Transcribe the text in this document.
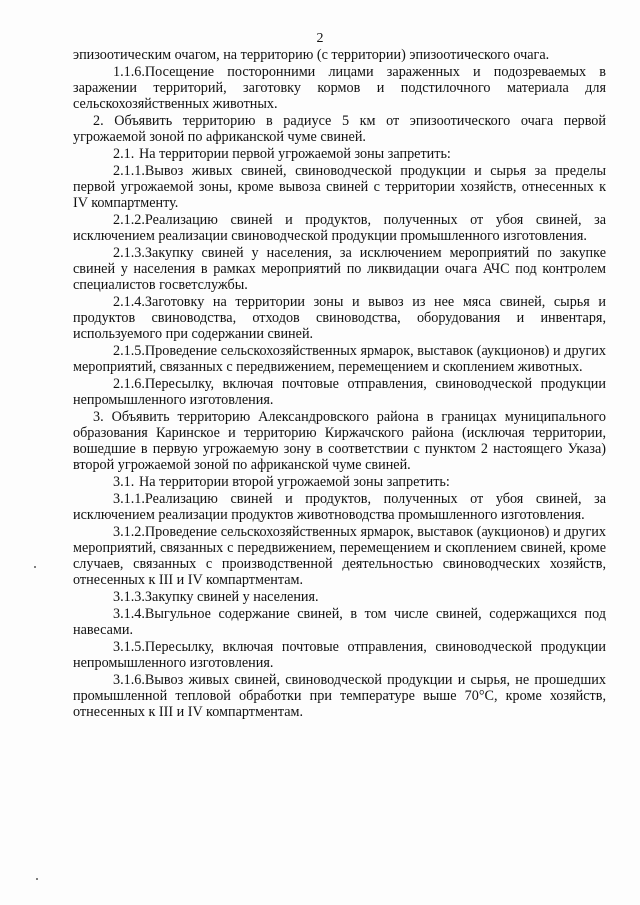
2

эпизоотическим очагом, на территорию (с территории) эпизоотического очага.

1.1.6.Посещение посторонними лицами зараженных и подозреваемых в заражении территорий, заготовку кормов и подстилочного материала для сельскохозяйственных животных.

2. Объявить территорию в радиусе 5 км от эпизоотического очага первой угрожаемой зоной по африканской чуме свиней.

2.1. На территории первой угрожаемой зоны запретить:

2.1.1.Вывоз живых свиней, свиноводческой продукции и сырья за пределы первой угрожаемой зоны, кроме вывоза свиней с территории хозяйств, отнесенных к IV компартменту.

2.1.2.Реализацию свиней и продуктов, полученных от убоя свиней, за исключением реализации свиноводческой продукции промышленного изготовления.

2.1.3.Закупку свиней у населения, за исключением мероприятий по закупке свиней у населения в рамках мероприятий по ликвидации очага АЧС под контролем специалистов госветслужбы.

2.1.4.Заготовку на территории зоны и вывоз из нее мяса свиней, сырья и продуктов свиноводства, отходов свиноводства, оборудования и инвентаря, используемого при содержании свиней.

2.1.5.Проведение сельскохозяйственных ярмарок, выставок (аукционов) и других мероприятий, связанных с передвижением, перемещением и скоплением животных.

2.1.6.Пересылку, включая почтовые отправления, свиноводческой продукции непромышленного изготовления.

3. Объявить территорию Александровского района в границах муниципального образования Каринское и территорию Киржачского района (исключая территории, вошедшие в первую угрожаемую зону в соответствии с пунктом 2 настоящего Указа) второй угрожаемой зоной по африканской чуме свиней.

3.1. На территории второй угрожаемой зоны запретить:

3.1.1.Реализацию свиней и продуктов, полученных от убоя свиней, за исключением реализации продуктов животноводства промышленного изготовления.

3.1.2.Проведение сельскохозяйственных ярмарок, выставок (аукционов) и других мероприятий, связанных с передвижением, перемещением и скоплением свиней, кроме случаев, связанных с производственной деятельностью свиноводческих хозяйств, отнесенных к III и IV компартментам.

3.1.3.Закупку свиней у населения.

3.1.4.Выгульное содержание свиней, в том числе свиней, содержащихся под навесами.

3.1.5.Пересылку, включая почтовые отправления, свиноводческой продукции непромышленного изготовления.

3.1.6.Вывоз живых свиней, свиноводческой продукции и сырья, не прошедших промышленной тепловой обработки при температуре выше 70°С, кроме хозяйств, отнесенных к III и IV компартментам.
